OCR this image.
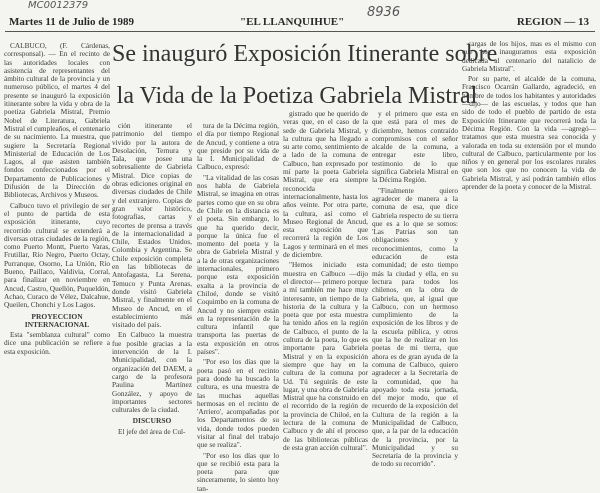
MC0012379	8936
Martes 11 de Julio de 1989	"EL LLANQUIHUE"	REGION — 13
Se inauguró Exposición Itinerante sobre
la Vida de la Poetiza Gabriela Mistral

CALBUCO, (F. Cárdenas, corresponsal). — En el recinto de las autoridades locales con asistencia de representantes del ámbito cultural de la provincia y un numeroso público, el martes 4 del presente se inauguró la exposición itinerante sobre la vida y obra de la poetiza Gabriela Mistral, Premio Nobel de Literatura, Gabriela Mistral el cumpleaños, el centenario de su nacimiento. La muestra, que sugiere la Secretaría Regional Ministerial de Educación de Los Lagos, al que asisten también fondos confeccionados por el Departamento de Publicaciones y Difusión de la Dirección de Bibliotecas, Archivos y Museos.

Calbuco tuvo el privilegio de ser el punto de partida de esta exposición itinerante, cuyo recorrido cultural se extenderá a diversas otras ciudades de la región, como Puerto Montt, Puerto Varas, Frutillar, Río Negro, Puerto Octay, Purranque, Osorno, La Unión, Río Bueno, Paillaco, Valdivia, Corral, para finalizar en noviembre en Ancud, Castro, Quellón, Puqueldón, Achao, Curaco de Vélez, Dalcahue, Queilen, Chonchi y Los Lagos.

PROYECCION INTERNACIONAL

Esta "semblanza cultural" como dice una publicación se refiere a esta exposición.

ción itinerante el patrimonio del tiempo vivido por la autora de Desolación, Ternura y Tala, que posee una sobresaliente de Gabriela Mistral. Dice copias de obras ediciones original en diversas ciudades de Chile y del extranjero. Copias de gran valor histórico, fotografías, cartas y recortes de prensa a través de la internacionalidad a Chile, Estados Unidos, Colombia y Argentina. Se Chile exposición completa en las bibliotecas de Antofagasta, La Serena, Temuco y Punta Arenas, donde visitó Gabriela Mistral, y finalmente en el Museo de Ancud, en el establecimiento más visitado del país.

En Calbuco la muestra fue posible gracias a la intervención de la I. Municipalidad, con la organización del DAEM, a cargo de la profesora Paulina Martínez González, y apoyo de importantes sectores culturales de la ciudad.

DISCURSO

El jefe del área de Cul-

tura de la Décima región, el día por tiempo Regional de Ancud, y contiene a otra que preside por su vida de la I. Municipalidad de Calbuco, expresó:

"La vitalidad de las cosas nos habla de Gabriela Mistral, se imagina en otras partes como que en su obra de Chile en la distancia es el poeta. Sin embargo, lo que ha querido decir, porque la única fue el momento del poeta y la obra de Gabriela Mistral y a la de otras organizaciones internacionales, primero porque esta exposición exalta a la provincia de Chiloé, donde se visitó Coquimbo en la comuna de Ancud y no siempre están en la representación de la cultura infantil que transporta las puertas de esta exposición en otros países".

"Por eso los días que la poeta pasó en el recinto para donde ha buscado la cultura, es una muestra de las muchas aquellas hermosas en el recinto de 'Arriero', acompañadas por los Departamentos de su vida, donde todos pueden visitar al final del trabajo que se realiza".

"Por eso los días que lo que se recibió esta para la poeta para que sinceramente, lo siento hoy tan-

gistrado que he querido de veras que, en el caso de la sede de Gabriela Mistral, y la cultura que ha llegado a su arte como, sentimiento de a lado de la comuna de Calbuco, han expresado por mí parte la poeta Gabriela Mistral, que era siempre reconocida internacionalmente, hasta los años veinte. Por otra parte, la cultura, así como el Museo Regional de Ancud, esta exposición que recorrerá la región de Los Lagos y terminará en el mes de diciembre.

"Hemos iniciado esta muestra en Calbuco —dijo el director— primero porque a mí también me hace muy interesante, un tiempo de la historia de la cultura y la poeta que por esta muestra ha tenido años en la región de Calbuco, el punto de la cultura de la poeta, lo que es importante para Gabriela Mistral y en la exposición siempre que hay en la cultura de la comuna por Ud. Tú seguirás de este lugar, y una obra de Gabriela Mistral que ha construido en el recorrido de la región de la provincia de Chiloé, en la lectura de la comuna de Calbuco y de ahí el proceso de las bibliotecas públicas de esta gran acción cultural".

y el primero que esta en que está para el mes de diciembre, hemos contraído compromisos con el señor alcalde de la comuna, a entregar este libro, testimonio de lo que significa Gabriela Mistral en la Décima Región.

"Finalmente quiero agradecer de manera a la comuna de esa, que dice Gabriela respecto de su tierra que es a lo que se somos: 'Las Patrias son tan obligaciones y reconocimientos, como la educación de esta comunidad; de esto tiempo más la ciudad y ella, en su lectura para todos los chilenos, en la obra de Gabriela, que, al igual que Calbuco, con un hermoso cumplimiento de la exposición de los libros y de la escuela pública, y otros que la he de realizar en los poetas de mi tierra, que ahora es de gran ayuda de la comuna de Calbuco, quiero agradecer a la Secretaría de la comunidad, que ha apoyado toda esta jornada, del mejor modo, que el recuerdo de la exposición del Cultura de la región a la Municipalidad de Calbuco, que, a la par de la educación de la provincia, por la Municipalidad y su Secretaría de la provincia y de todo su recorrido".

cargas de los hijos, mas es el mismo con que hoy inauguramos esta exposición dedicada al centenario del natalicio de Gabriela Mistral".

Por su parte, el alcalde de la comuna, Francisco Ocarrán Gallardo, agradeció, en nombre de todos los habitantes y autoridades —dijo— de las escuelas, y todos que han sido de todo el pueblo de partido de esta Exposición Itinerante que recorrerá toda la Décima Región. Con la vida —agregó— tratamos que esta muestra sea conocida y valorada en toda su extensión por el mundo cultural de Calbuco, particularmente por los niños y en general por los escolares rurales que son los que no conocen la vida de Gabriela Mistral, y así podrán también ellos aprender de la poeta y conocer de la Mistral.
